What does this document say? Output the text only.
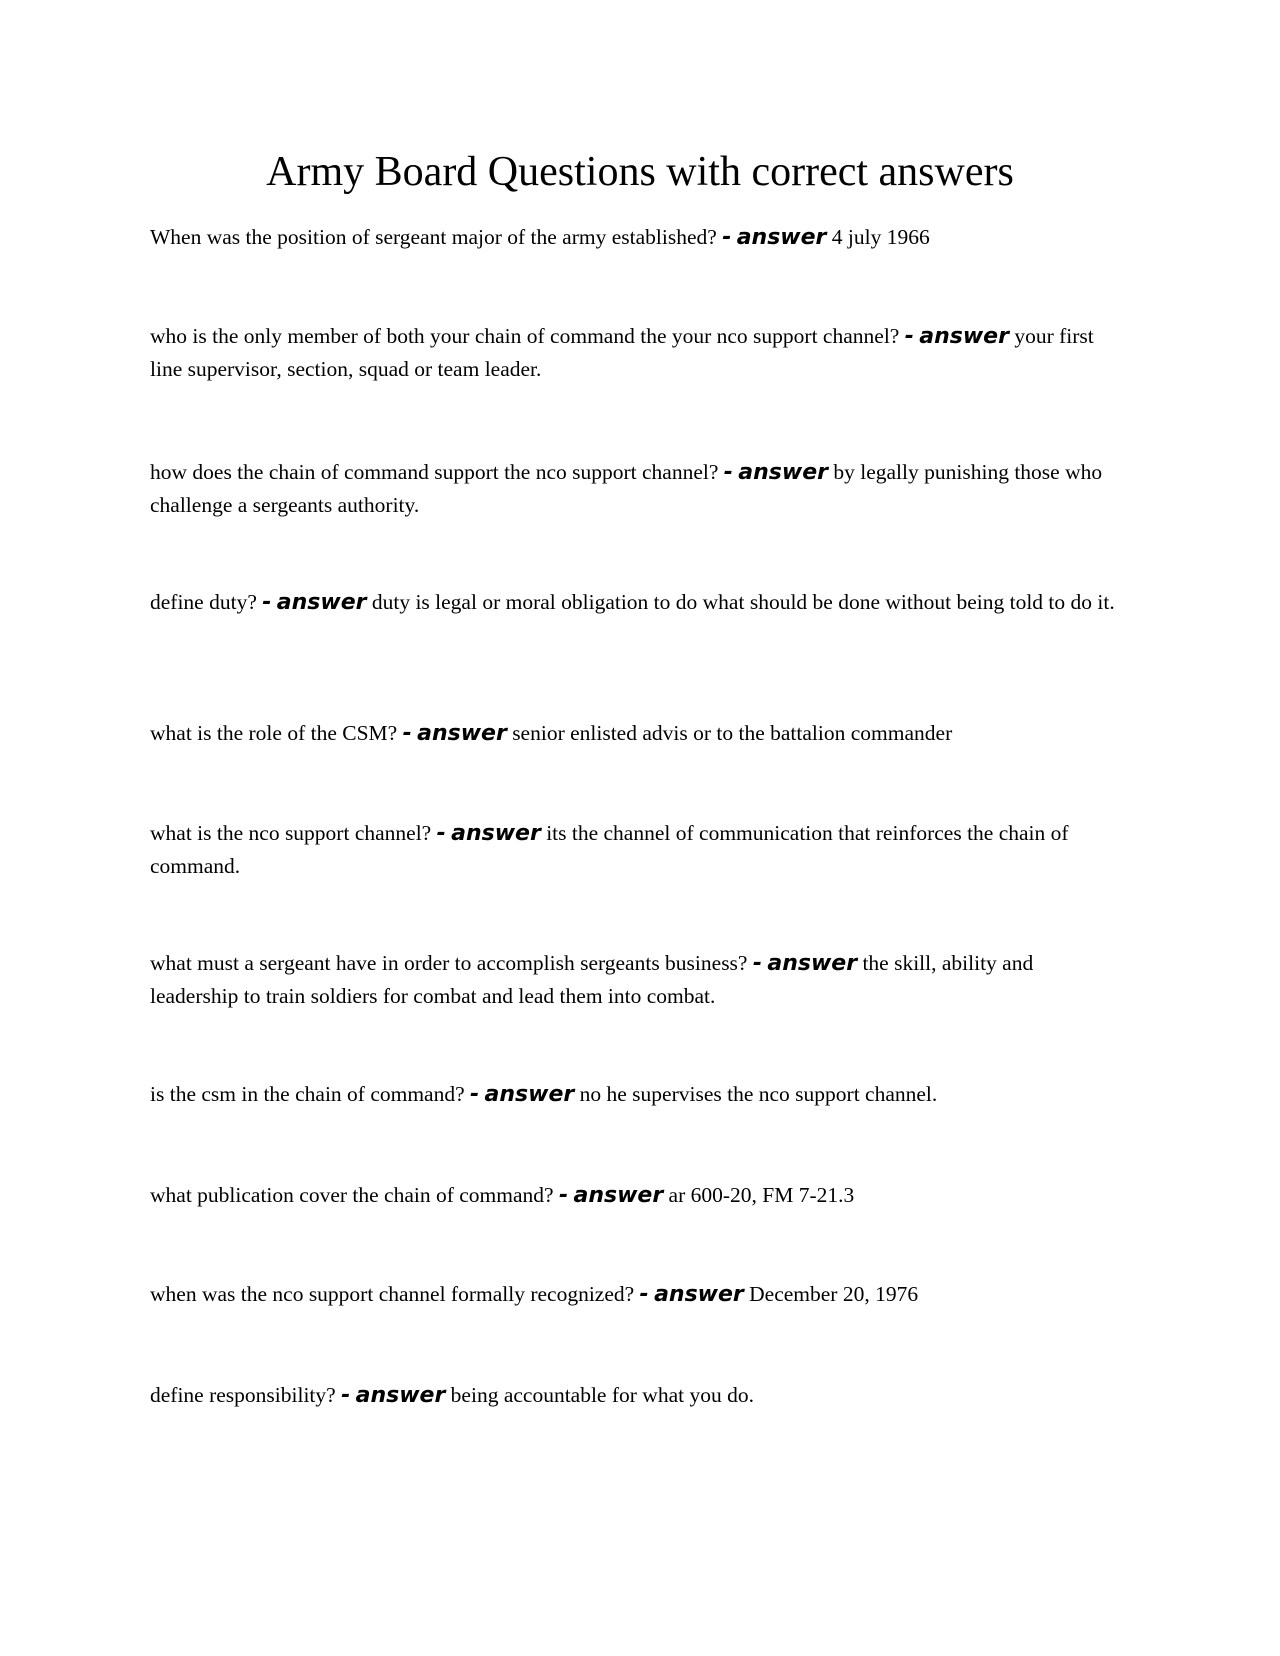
Army Board Questions with correct answers

When was the position of sergeant major of the army established? - answer 4 july 1966

who is the only member of both your chain of command the your nco support channel? - answer your first line supervisor, section, squad or team leader.

how does the chain of command support the nco support channel? - answer by legally punishing those who challenge a sergeants authority.

define duty? - answer duty is legal or moral obligation to do what should be done without being told to do it.

what is the role of the CSM? - answer senior enlisted advis or to the battalion commander

what is the nco support channel? - answer its the channel of communication that reinforces the chain of command.

what must a sergeant have in order to accomplish sergeants business? - answer the skill, ability and leadership to train soldiers for combat and lead them into combat.

is the csm in the chain of command? - answer no he supervises the nco support channel.

what publication cover the chain of command? - answer ar 600-20, FM 7-21.3

when was the nco support channel formally recognized? - answer December 20, 1976

define responsibility? - answer being accountable for what you do.
